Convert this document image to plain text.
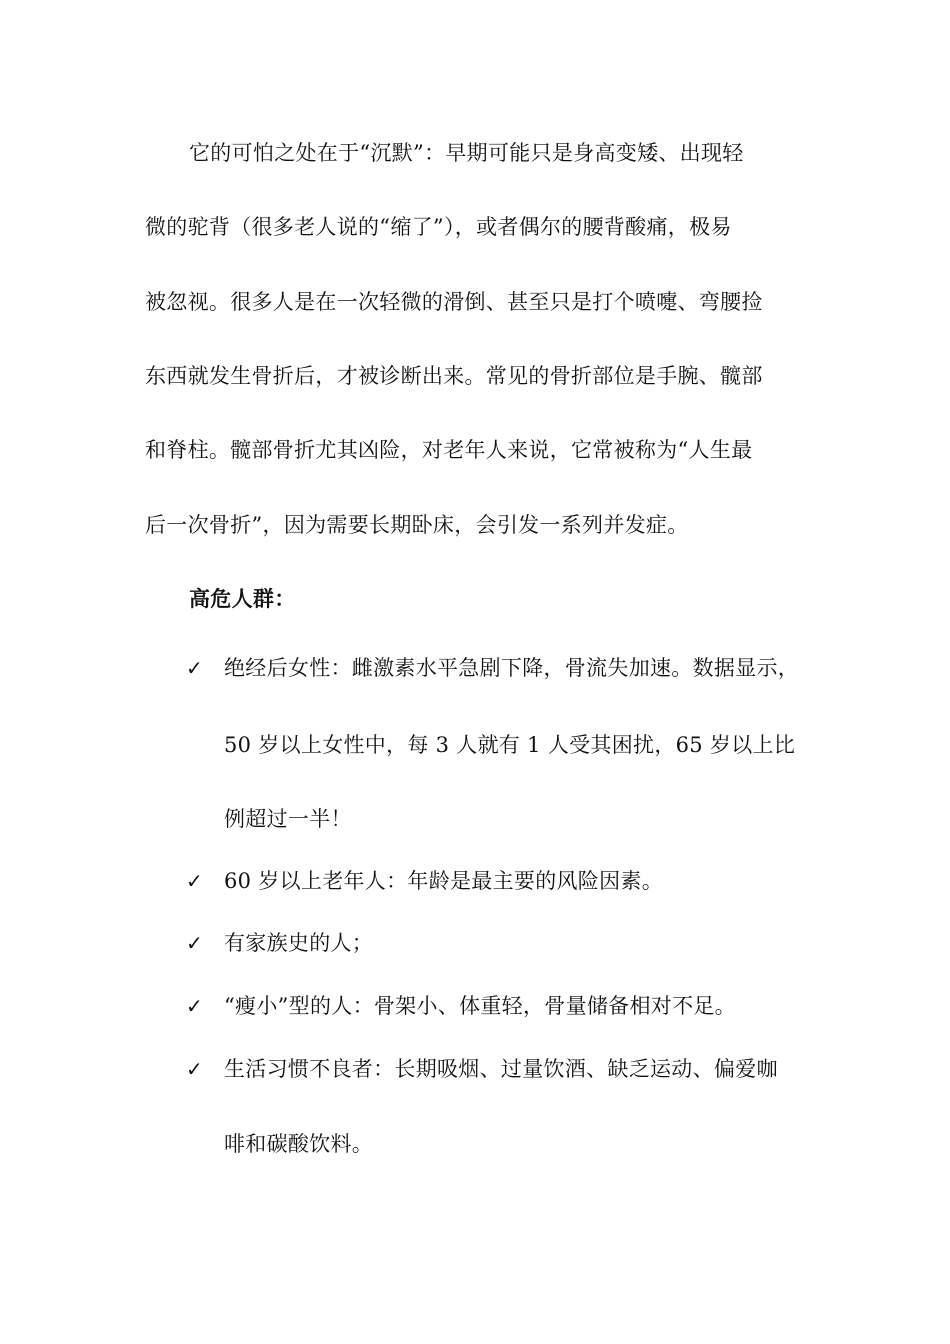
它的可怕之处在于“沉默”：早期可能只是身高变矮、出现轻
微的驼背（很多老人说的“缩了”），或者偶尔的腰背酸痛，极易
被忽视。很多人是在一次轻微的滑倒、甚至只是打个喷嚏、弯腰捡
东西就发生骨折后，才被诊断出来。常见的骨折部位是手腕、髋部
和脊柱。髋部骨折尤其凶险，对老年人来说，它常被称为“人生最
后一次骨折”，因为需要长期卧床，会引发一系列并发症。
高危人群：
✓ 绝经后女性：雌激素水平急剧下降，骨流失加速。数据显示，
50 岁以上女性中，每 3 人就有 1 人受其困扰，65 岁以上比
例超过一半！
✓ 60 岁以上老年人：年龄是最主要的风险因素。
✓ 有家族史的人；
✓ “瘦小”型的人：骨架小、体重轻，骨量储备相对不足。
✓ 生活习惯不良者：长期吸烟、过量饮酒、缺乏运动、偏爱咖
啡和碳酸饮料。
